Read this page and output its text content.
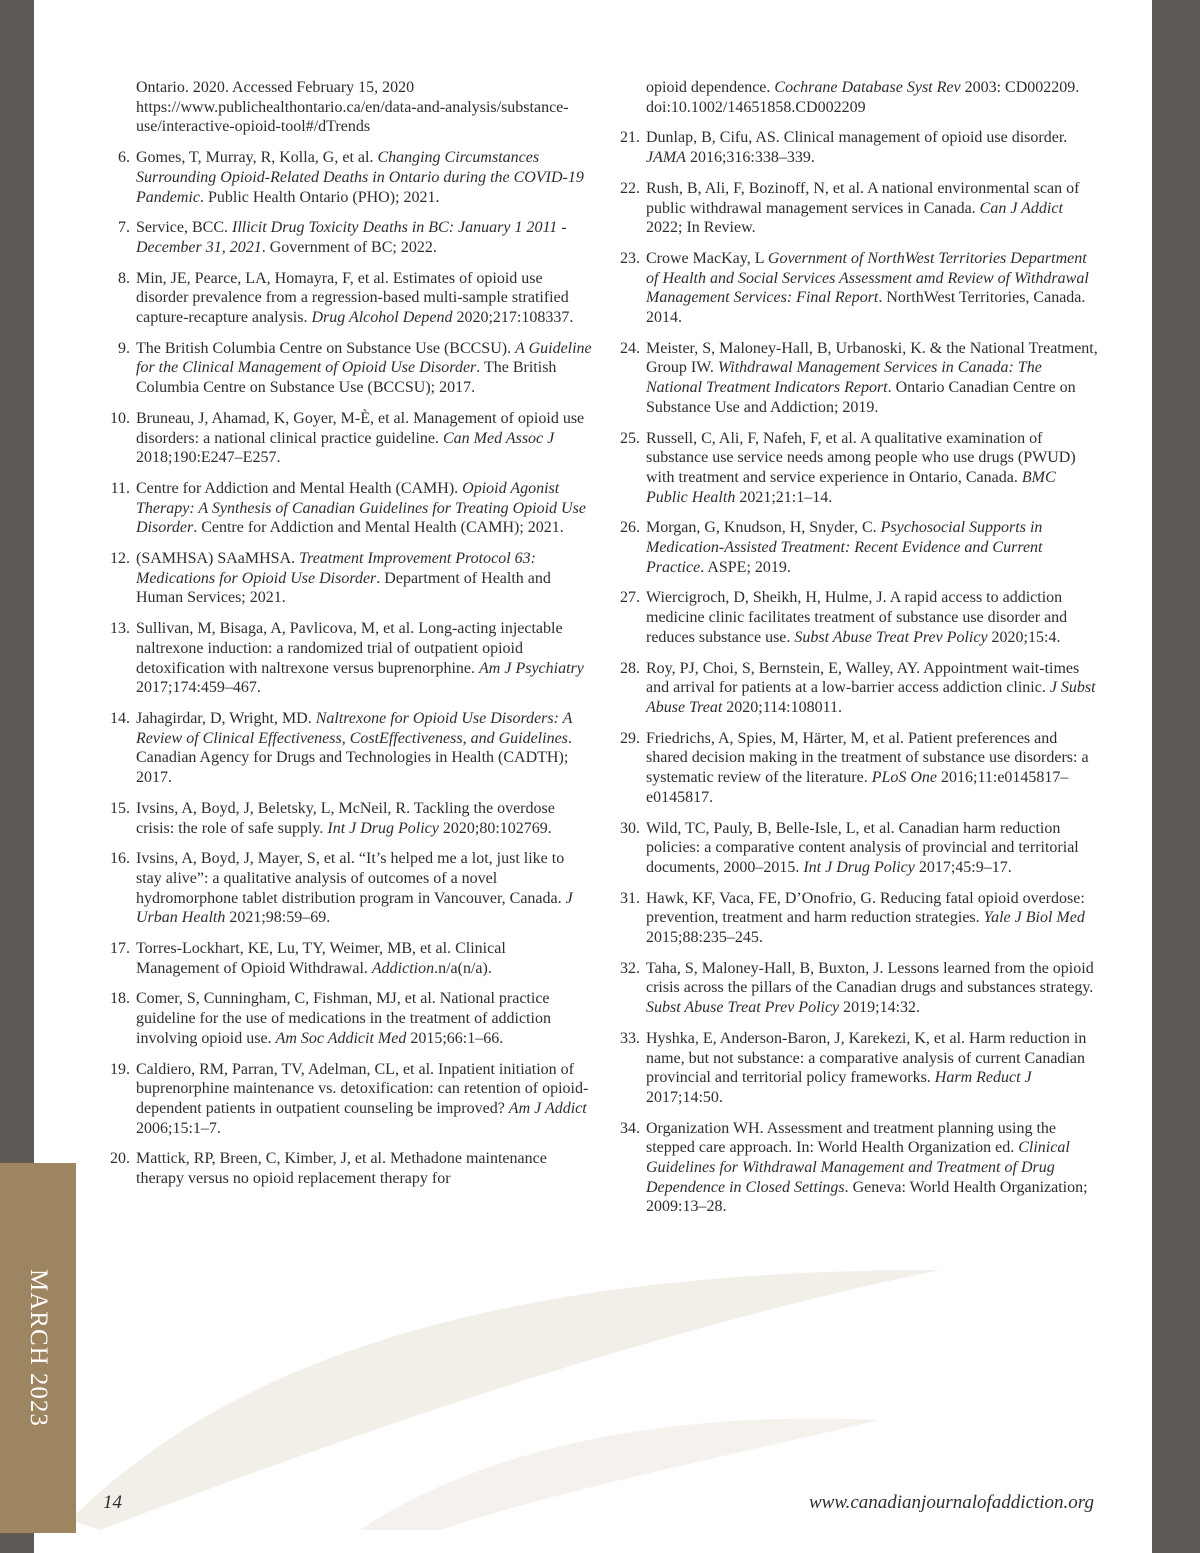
MARCH 2023
Ontario. 2020. Accessed February 15, 2020 https://www.publichealthontario.ca/en/data-and-analysis/substance-use/interactive-opioid-tool#/dTrends
6. Gomes, T, Murray, R, Kolla, G, et al. Changing Circumstances Surrounding Opioid-Related Deaths in Ontario during the COVID-19 Pandemic. Public Health Ontario (PHO); 2021.
7. Service, BCC. Illicit Drug Toxicity Deaths in BC: January 1 2011 - December 31, 2021. Government of BC; 2022.
8. Min, JE, Pearce, LA, Homayra, F, et al. Estimates of opioid use disorder prevalence from a regression-based multi-sample stratified capture-recapture analysis. Drug Alcohol Depend 2020;217:108337.
9. The British Columbia Centre on Substance Use (BCCSU). A Guideline for the Clinical Management of Opioid Use Disorder. The British Columbia Centre on Substance Use (BCCSU); 2017.
10. Bruneau, J, Ahamad, K, Goyer, M-È, et al. Management of opioid use disorders: a national clinical practice guideline. Can Med Assoc J 2018;190:E247–E257.
11. Centre for Addiction and Mental Health (CAMH). Opioid Agonist Therapy: A Synthesis of Canadian Guidelines for Treating Opioid Use Disorder. Centre for Addiction and Mental Health (CAMH); 2021.
12. (SAMHSA) SAaMHSA. Treatment Improvement Protocol 63: Medications for Opioid Use Disorder. Department of Health and Human Services; 2021.
13. Sullivan, M, Bisaga, A, Pavlicova, M, et al. Long-acting injectable naltrexone induction: a randomized trial of outpatient opioid detoxification with naltrexone versus buprenorphine. Am J Psychiatry 2017;174:459–467.
14. Jahagirdar, D, Wright, MD. Naltrexone for Opioid Use Disorders: A Review of Clinical Effectiveness, CostEffectiveness, and Guidelines. Canadian Agency for Drugs and Technologies in Health (CADTH); 2017.
15. Ivsins, A, Boyd, J, Beletsky, L, McNeil, R. Tackling the overdose crisis: the role of safe supply. Int J Drug Policy 2020;80:102769.
16. Ivsins, A, Boyd, J, Mayer, S, et al. “It’s helped me a lot, just like to stay alive”: a qualitative analysis of outcomes of a novel hydromorphone tablet distribution program in Vancouver, Canada. J Urban Health 2021;98:59–69.
17. Torres-Lockhart, KE, Lu, TY, Weimer, MB, et al. Clinical Management of Opioid Withdrawal. Addiction.n/a(n/a).
18. Comer, S, Cunningham, C, Fishman, MJ, et al. National practice guideline for the use of medications in the treatment of addiction involving opioid use. Am Soc Addicit Med 2015;66:1–66.
19. Caldiero, RM, Parran, TV, Adelman, CL, et al. Inpatient initiation of buprenorphine maintenance vs. detoxification: can retention of opioid-dependent patients in outpatient counseling be improved? Am J Addict 2006;15:1–7.
20. Mattick, RP, Breen, C, Kimber, J, et al. Methadone maintenance therapy versus no opioid replacement therapy for
opioid dependence. Cochrane Database Syst Rev 2003: CD002209. doi:10.1002/14651858.CD002209
21. Dunlap, B, Cifu, AS. Clinical management of opioid use disorder. JAMA 2016;316:338–339.
22. Rush, B, Ali, F, Bozinoff, N, et al. A national environmental scan of public withdrawal management services in Canada. Can J Addict 2022; In Review.
23. Crowe MacKay, L Government of NorthWest Territories Department of Health and Social Services Assessment amd Review of Withdrawal Management Services: Final Report. NorthWest Territories, Canada. 2014.
24. Meister, S, Maloney-Hall, B, Urbanoski, K. & the National Treatment, Group IW. Withdrawal Management Services in Canada: The National Treatment Indicators Report. Ontario Canadian Centre on Substance Use and Addiction; 2019.
25. Russell, C, Ali, F, Nafeh, F, et al. A qualitative examination of substance use service needs among people who use drugs (PWUD) with treatment and service experience in Ontario, Canada. BMC Public Health 2021;21:1–14.
26. Morgan, G, Knudson, H, Snyder, C. Psychosocial Supports in Medication-Assisted Treatment: Recent Evidence and Current Practice. ASPE; 2019.
27. Wiercigroch, D, Sheikh, H, Hulme, J. A rapid access to addiction medicine clinic facilitates treatment of substance use disorder and reduces substance use. Subst Abuse Treat Prev Policy 2020;15:4.
28. Roy, PJ, Choi, S, Bernstein, E, Walley, AY. Appointment wait-times and arrival for patients at a low-barrier access addiction clinic. J Subst Abuse Treat 2020;114:108011.
29. Friedrichs, A, Spies, M, Härter, M, et al. Patient preferences and shared decision making in the treatment of substance use disorders: a systematic review of the literature. PLoS One 2016;11:e0145817–e0145817.
30. Wild, TC, Pauly, B, Belle-Isle, L, et al. Canadian harm reduction policies: a comparative content analysis of provincial and territorial documents, 2000–2015. Int J Drug Policy 2017;45:9–17.
31. Hawk, KF, Vaca, FE, D’Onofrio, G. Reducing fatal opioid overdose: prevention, treatment and harm reduction strategies. Yale J Biol Med 2015;88:235–245.
32. Taha, S, Maloney-Hall, B, Buxton, J. Lessons learned from the opioid crisis across the pillars of the Canadian drugs and substances strategy. Subst Abuse Treat Prev Policy 2019;14:32.
33. Hyshka, E, Anderson-Baron, J, Karekezi, K, et al. Harm reduction in name, but not substance: a comparative analysis of current Canadian provincial and territorial policy frameworks. Harm Reduct J 2017;14:50.
34. Organization WH. Assessment and treatment planning using the stepped care approach. In: World Health Organization ed. Clinical Guidelines for Withdrawal Management and Treatment of Drug Dependence in Closed Settings. Geneva: World Health Organization; 2009:13–28.
14	www.canadianjournalofaddiction.org
